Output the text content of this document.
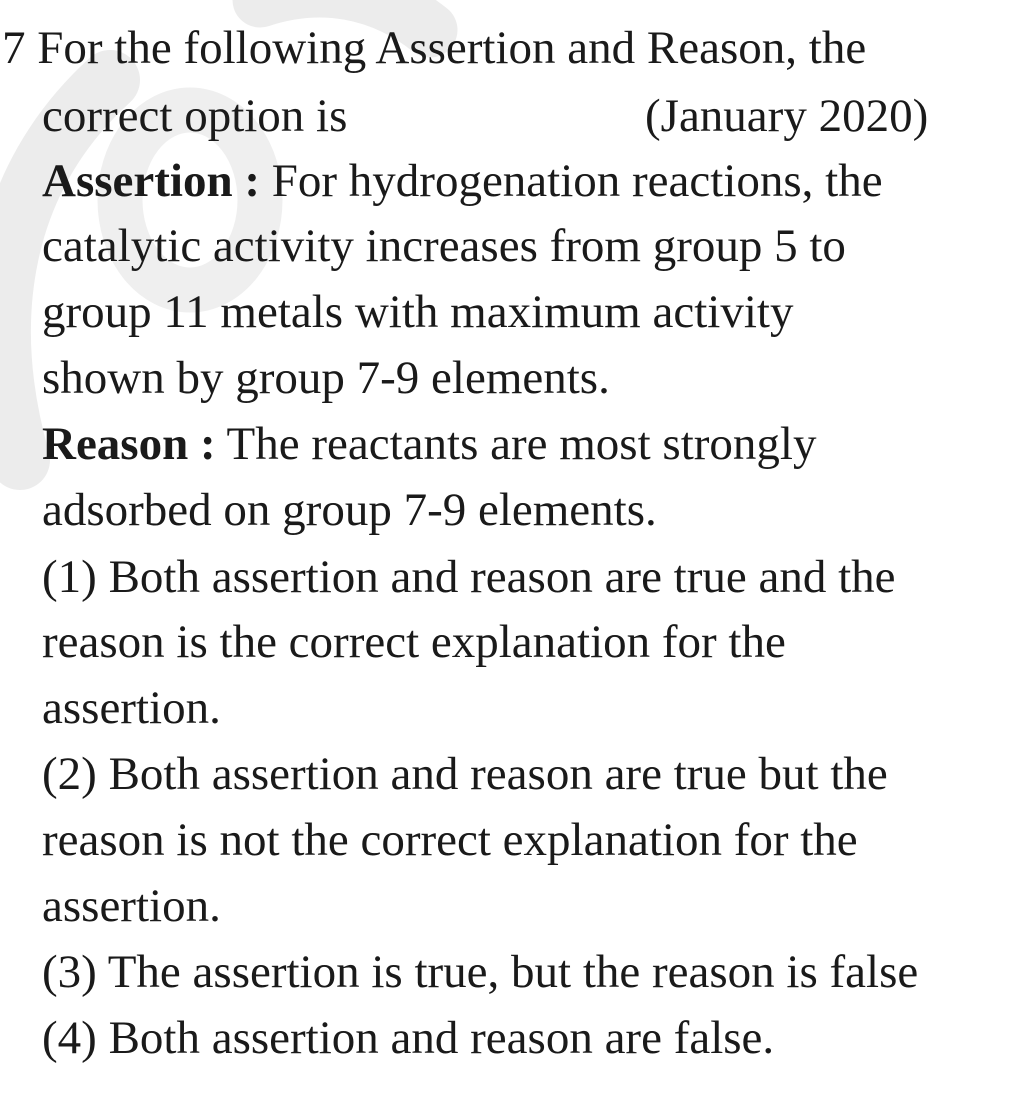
7 For the following Assertion and Reason, the
correct option is	(January 2020)
Assertion : For hydrogenation reactions, the
catalytic activity increases from group 5 to
group 11 metals with maximum activity
shown by group 7-9 elements.
Reason : The reactants are most strongly
adsorbed on group 7-9 elements.
(1) Both assertion and reason are true and the
reason is the correct explanation for the
assertion.
(2) Both assertion and reason are true but the
reason is not the correct explanation for the
assertion.
(3) The assertion is true, but the reason is false
(4) Both assertion and reason are false.
